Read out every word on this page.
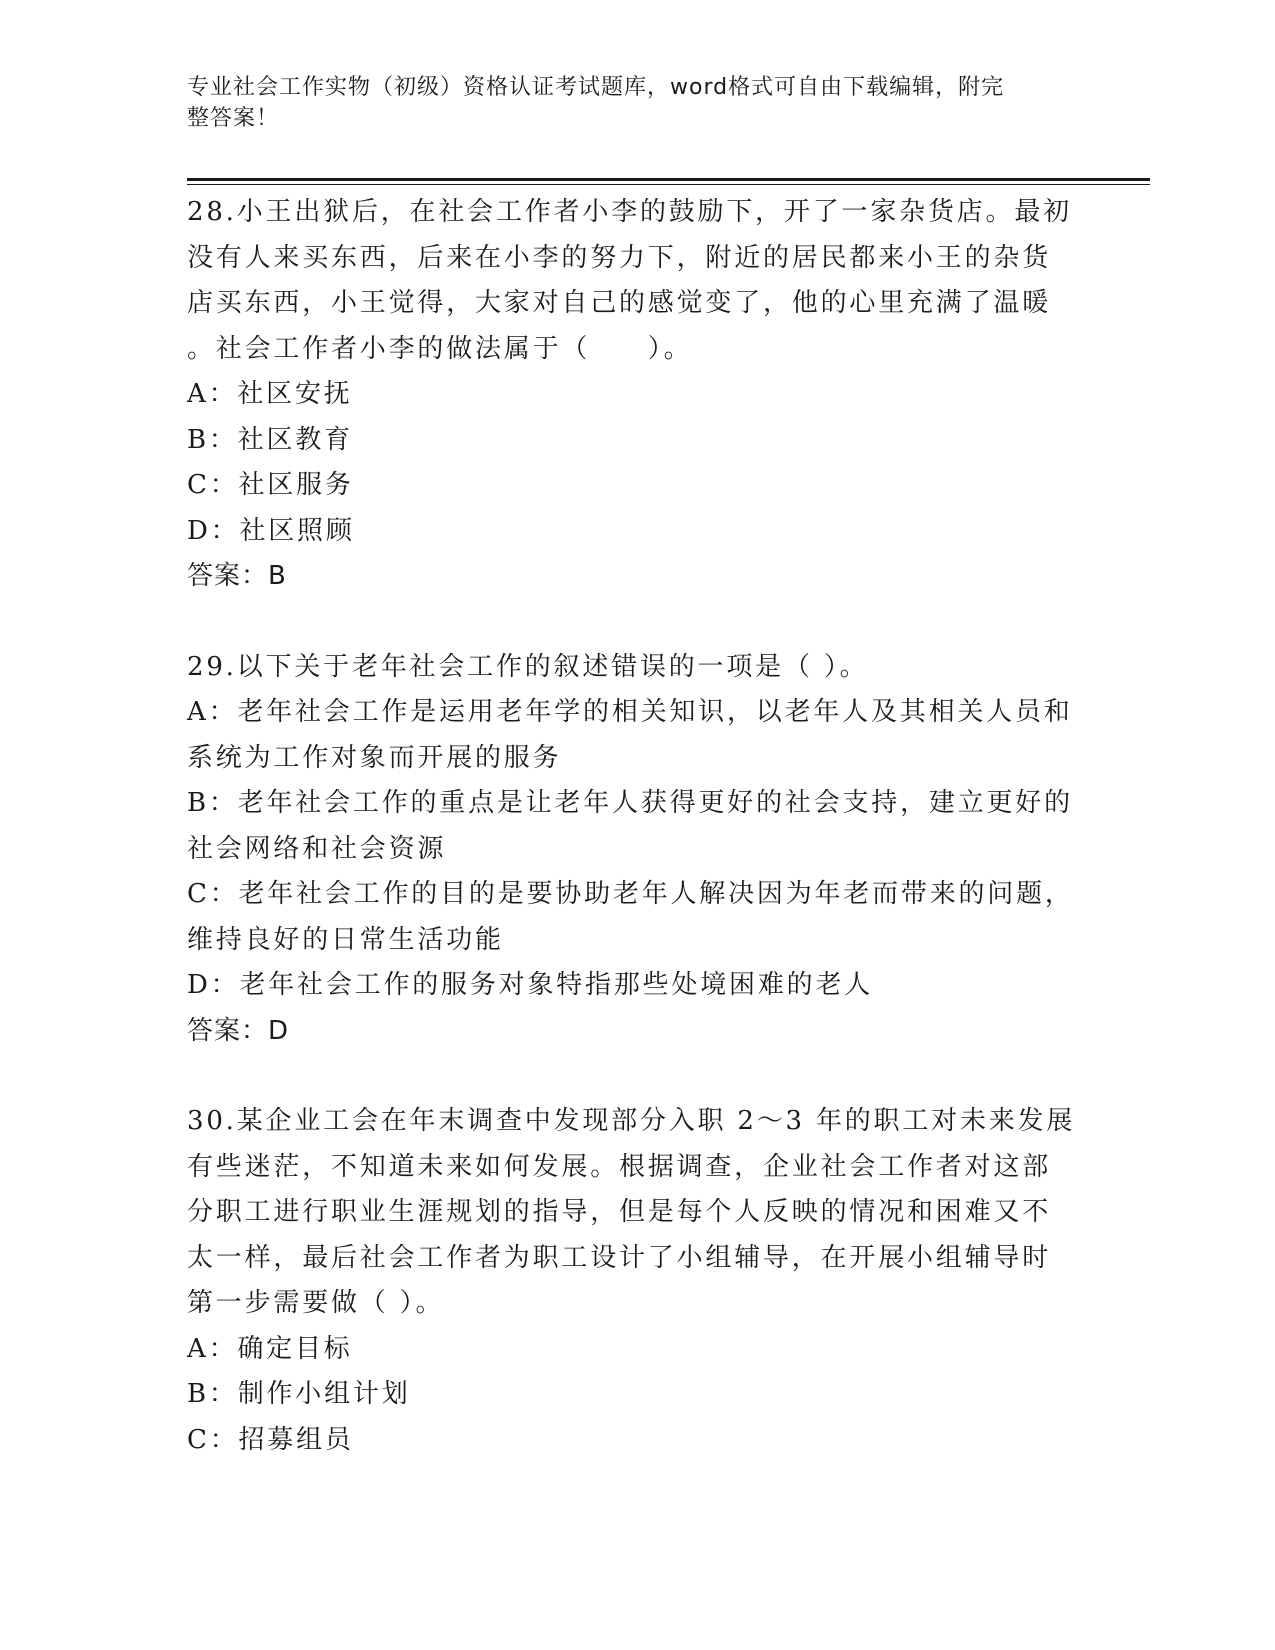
专业社会工作实物（初级）资格认证考试题库，word格式可自由下载编辑，附完
整答案！
28.小王出狱后，在社会工作者小李的鼓励下，开了一家杂货店。最初
没有人来买东西，后来在小李的努力下，附近的居民都来小王的杂货
店买东西，小王觉得，大家对自己的感觉变了，他的心里充满了温暖
。社会工作者小李的做法属于（　　）。
A：社区安抚
B：社区教育
C：社区服务
D：社区照顾
答案：B
29.以下关于老年社会工作的叙述错误的一项是（ ）。
A：老年社会工作是运用老年学的相关知识，以老年人及其相关人员和
系统为工作对象而开展的服务
B：老年社会工作的重点是让老年人获得更好的社会支持，建立更好的
社会网络和社会资源
C：老年社会工作的目的是要协助老年人解决因为年老而带来的问题，
维持良好的日常生活功能
D：老年社会工作的服务对象特指那些处境困难的老人
答案：D
30.某企业工会在年末调查中发现部分入职 2～3 年的职工对未来发展
有些迷茫，不知道未来如何发展。根据调查，企业社会工作者对这部
分职工进行职业生涯规划的指导，但是每个人反映的情况和困难又不
太一样，最后社会工作者为职工设计了小组辅导，在开展小组辅导时
第一步需要做（ ）。
A：确定目标
B：制作小组计划
C：招募组员
